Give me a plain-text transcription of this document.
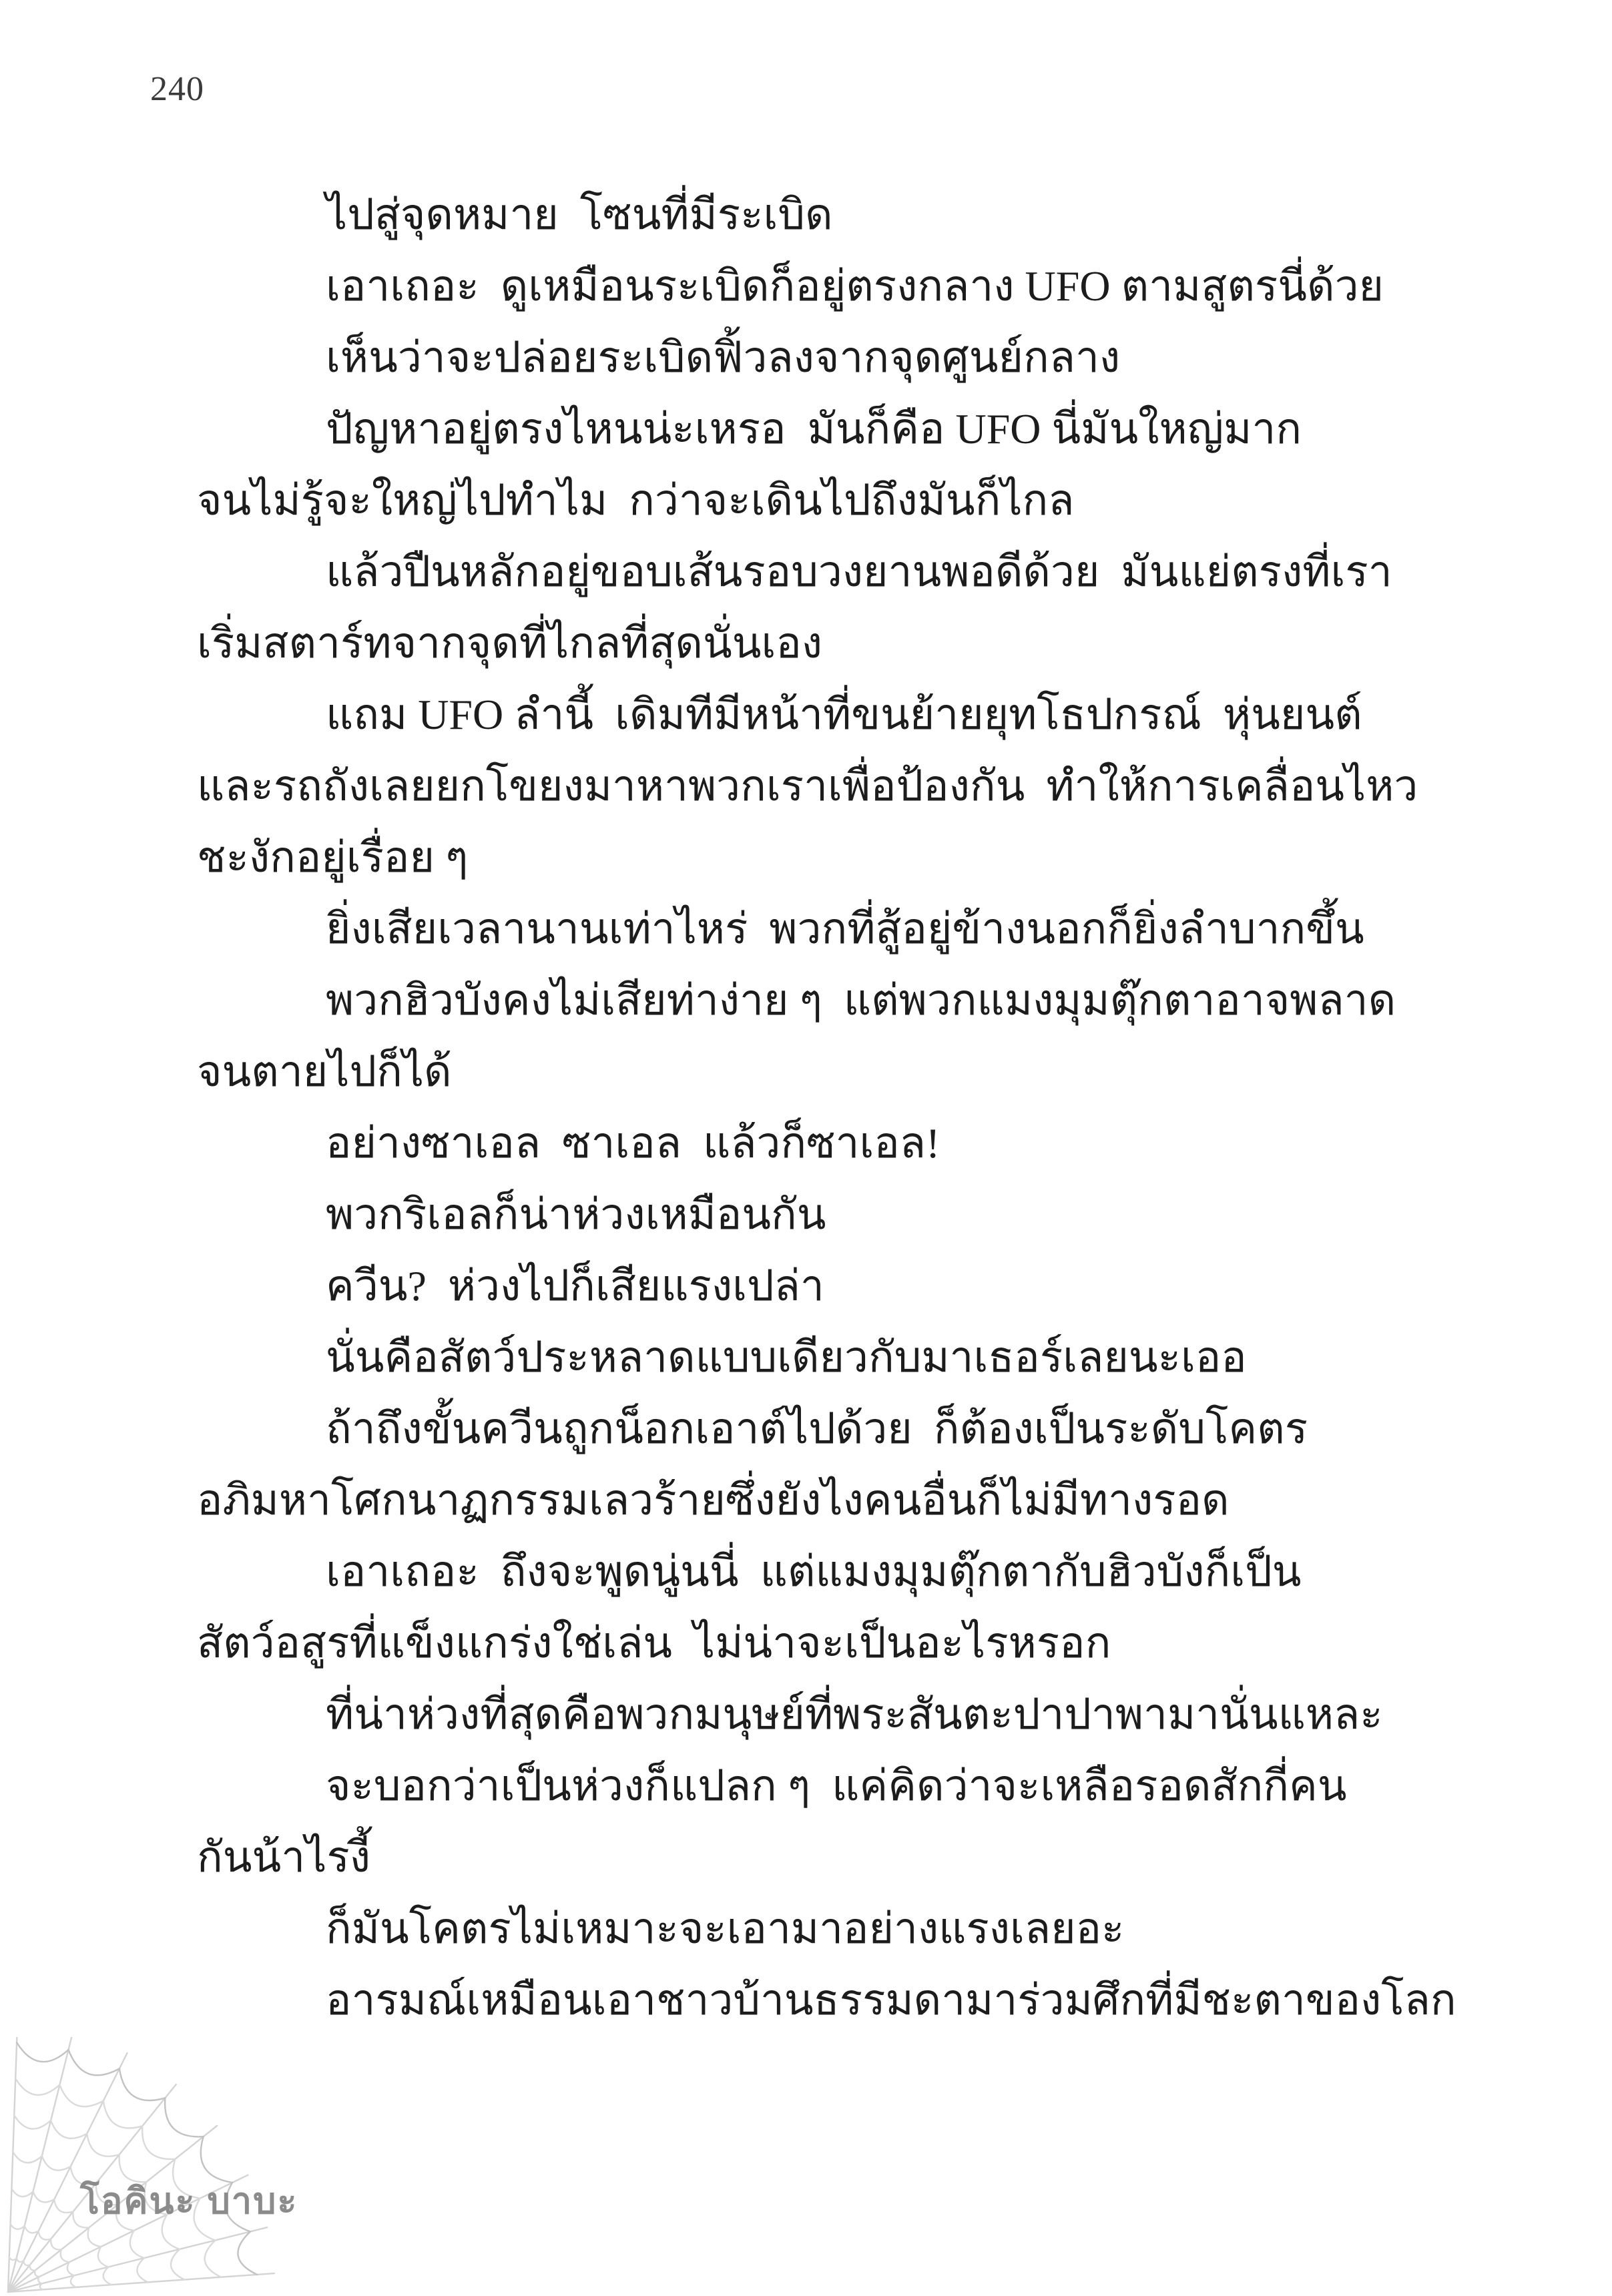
240
ไปสู่จุดหมาย  โซนที่มีระเบิด
เอาเถอะ  ดูเหมือนระเบิดก็อยู่ตรงกลาง UFO ตามสูตรนี่ด้วย
เห็นว่าจะปล่อยระเบิดฟิ้วลงจากจุดศูนย์กลาง
ปัญหาอยู่ตรงไหนน่ะเหรอ  มันก็คือ UFO นี่มันใหญ่มาก
จนไม่รู้จะใหญ่ไปทำไม  กว่าจะเดินไปถึงมันก็ไกล
แล้วปืนหลักอยู่ขอบเส้นรอบวงยานพอดีด้วย  มันแย่ตรงที่เรา
เริ่มสตาร์ทจากจุดที่ไกลที่สุดนั่นเอง
แถม UFO ลำนี้  เดิมทีมีหน้าที่ขนย้ายยุทโธปกรณ์  หุ่นยนต์
และรถถังเลยยกโขยงมาหาพวกเราเพื่อป้องกัน  ทำให้การเคลื่อนไหว
ชะงักอยู่เรื่อย ๆ
ยิ่งเสียเวลานานเท่าไหร่  พวกที่สู้อยู่ข้างนอกก็ยิ่งลำบากขึ้น
พวกฮิวบังคงไม่เสียท่าง่าย ๆ  แต่พวกแมงมุมตุ๊กตาอาจพลาด
จนตายไปก็ได้
อย่างซาเอล  ซาเอล  แล้วก็ซาเอล!
พวกริเอลก็น่าห่วงเหมือนกัน
ควีน?  ห่วงไปก็เสียแรงเปล่า
นั่นคือสัตว์ประหลาดแบบเดียวกับมาเธอร์เลยนะเออ
ถ้าถึงขั้นควีนถูกน็อกเอาต์ไปด้วย  ก็ต้องเป็นระดับโคตร
อภิมหาโศกนาฏกรรมเลวร้ายซึ่งยังไงคนอื่นก็ไม่มีทางรอด
เอาเถอะ  ถึงจะพูดนู่นนี่  แต่แมงมุมตุ๊กตากับฮิวบังก็เป็น
สัตว์อสูรที่แข็งแกร่งใช่เล่น  ไม่น่าจะเป็นอะไรหรอก
ที่น่าห่วงที่สุดคือพวกมนุษย์ที่พระสันตะปาปาพามานั่นแหละ
จะบอกว่าเป็นห่วงก็แปลก ๆ  แค่คิดว่าจะเหลือรอดสักกี่คน
กันน้าไรงี้
ก็มันโคตรไม่เหมาะจะเอามาอย่างแรงเลยอะ
อารมณ์เหมือนเอาชาวบ้านธรรมดามาร่วมศึกที่มีชะตาของโลก
โอคินะ บาบะ
